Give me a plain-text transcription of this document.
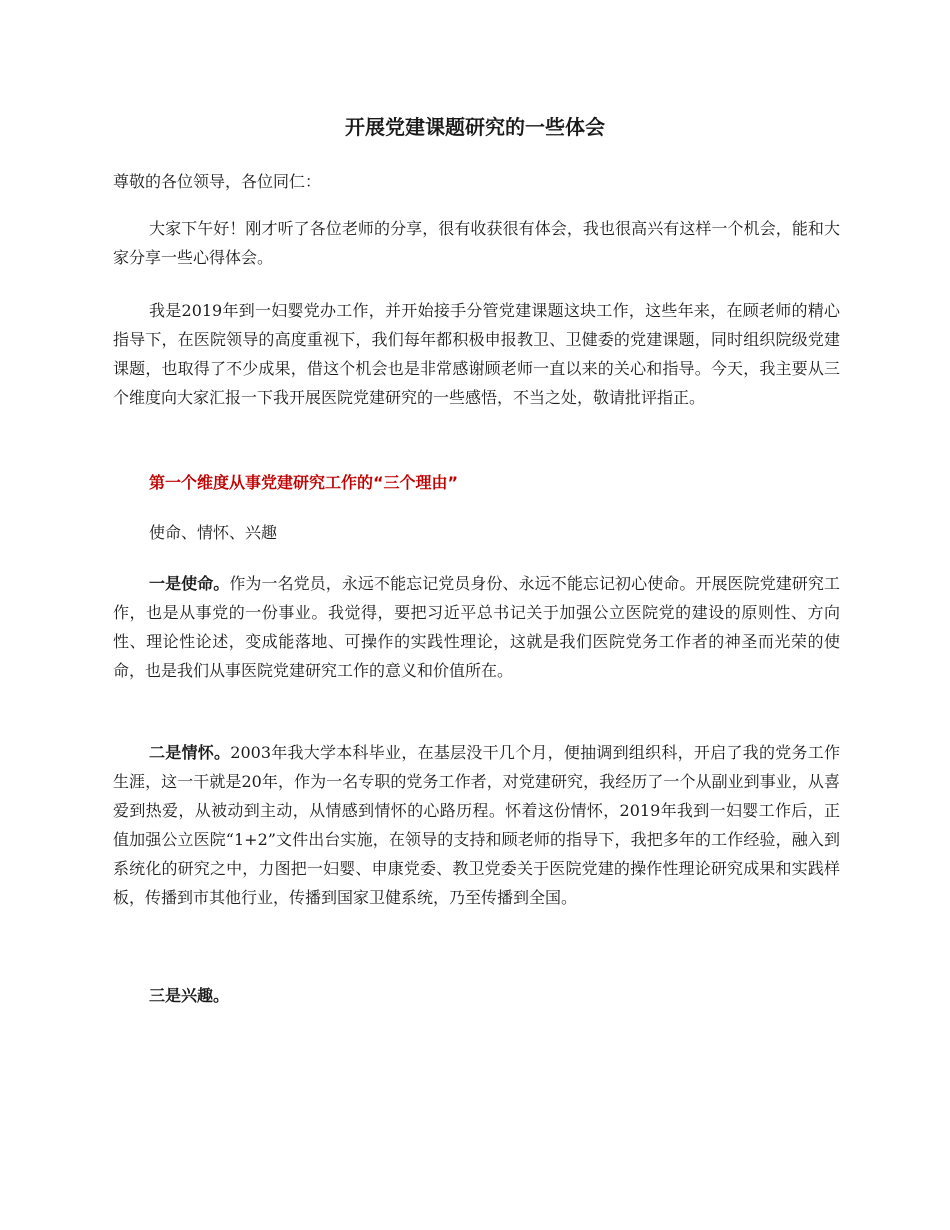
开展党建课题研究的一些体会

尊敬的各位领导，各位同仁：

大家下午好！刚才听了各位老师的分享，很有收获很有体会，我也很高兴有这样一个机会，能和大家分享一些心得体会。

我是2019年到一妇婴党办工作，并开始接手分管党建课题这块工作，这些年来，在顾老师的精心指导下，在医院领导的高度重视下，我们每年都积极申报教卫、卫健委的党建课题，同时组织院级党建课题，也取得了不少成果，借这个机会也是非常感谢顾老师一直以来的关心和指导。今天，我主要从三个维度向大家汇报一下我开展医院党建研究的一些感悟，不当之处，敬请批评指正。

第一个维度从事党建研究工作的“三个理由”

使命、情怀、兴趣

一是使命。作为一名党员，永远不能忘记党员身份、永远不能忘记初心使命。开展医院党建研究工作，也是从事党的一份事业。我觉得，要把习近平总书记关于加强公立医院党的建设的原则性、方向性、理论性论述，变成能落地、可操作的实践性理论，这就是我们医院党务工作者的神圣而光荣的使命，也是我们从事医院党建研究工作的意义和价值所在。

二是情怀。2003年我大学本科毕业，在基层没干几个月，便抽调到组织科，开启了我的党务工作生涯，这一干就是20年，作为一名专职的党务工作者，对党建研究，我经历了一个从副业到事业，从喜爱到热爱，从被动到主动，从情感到情怀的心路历程。怀着这份情怀，2019年我到一妇婴工作后，正值加强公立医院“1+2”文件出台实施，在领导的支持和顾老师的指导下，我把多年的工作经验，融入到系统化的研究之中，力图把一妇婴、申康党委、教卫党委关于医院党建的操作性理论研究成果和实践样板，传播到市其他行业，传播到国家卫健系统，乃至传播到全国。

三是兴趣。
